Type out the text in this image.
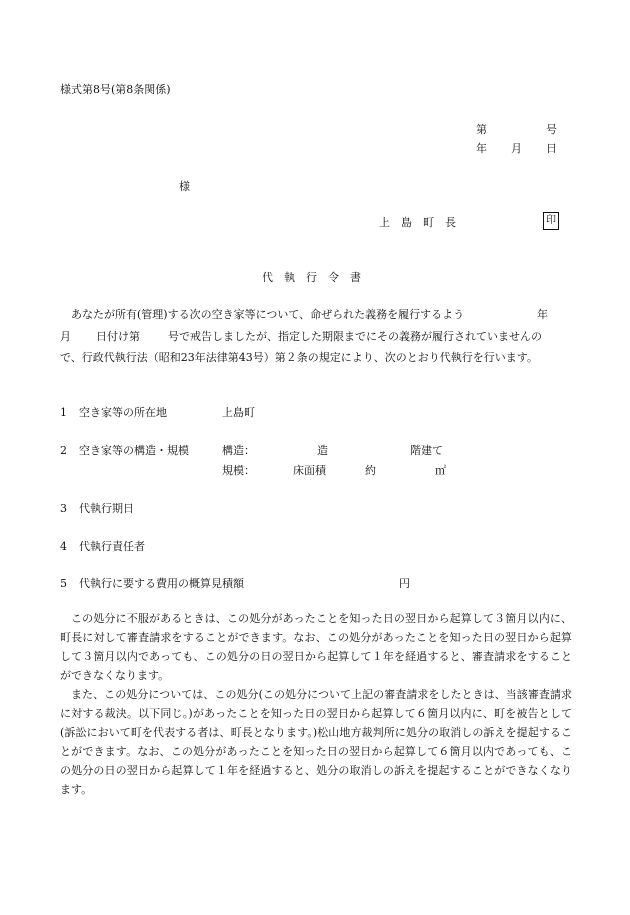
様式第8号(第8条関係)
第	号
年 月 日
様
上　島　町　長	印
代　執　行　令　書
あなたが所有(管理)する次の空き家等について、命ぜられた義務を履行するよう	年
月 日付け第	号で戒告しましたが、指定した期限までにその義務が履行されていませんの
で、行政代執行法（昭和23年法律第43号）第２条の規定により、次のとおり代執行を行います。
1 空き家等の所在地	上島町
2 空き家等の構造・規模	構造：	造	階建て
規模：	床面積	約	㎡
3 代執行期日
4 代執行責任者
5 代執行に要する費用の概算見積額	円

この処分に不服があるときは、この処分があったことを知った日の翌日から起算して３箇月以内に、町長に対して審査請求をすることができます。なお、この処分があったことを知った日の翌日から起算して３箇月以内であっても、この処分の日の翌日から起算して１年を経過すると、審査請求をすることができなくなります。

また、この処分については、この処分(この処分について上記の審査請求をしたときは、当該審査請求に対する裁決。以下同じ。)があったことを知った日の翌日から起算して６箇月以内に、町を被告として(訴訟において町を代表する者は、町長となります。)松山地方裁判所に処分の取消しの訴えを提起することができます。なお、この処分があったことを知った日の翌日から起算して６箇月以内であっても、この処分の日の翌日から起算して１年を経過すると、処分の取消しの訴えを提起することができなくなります。
